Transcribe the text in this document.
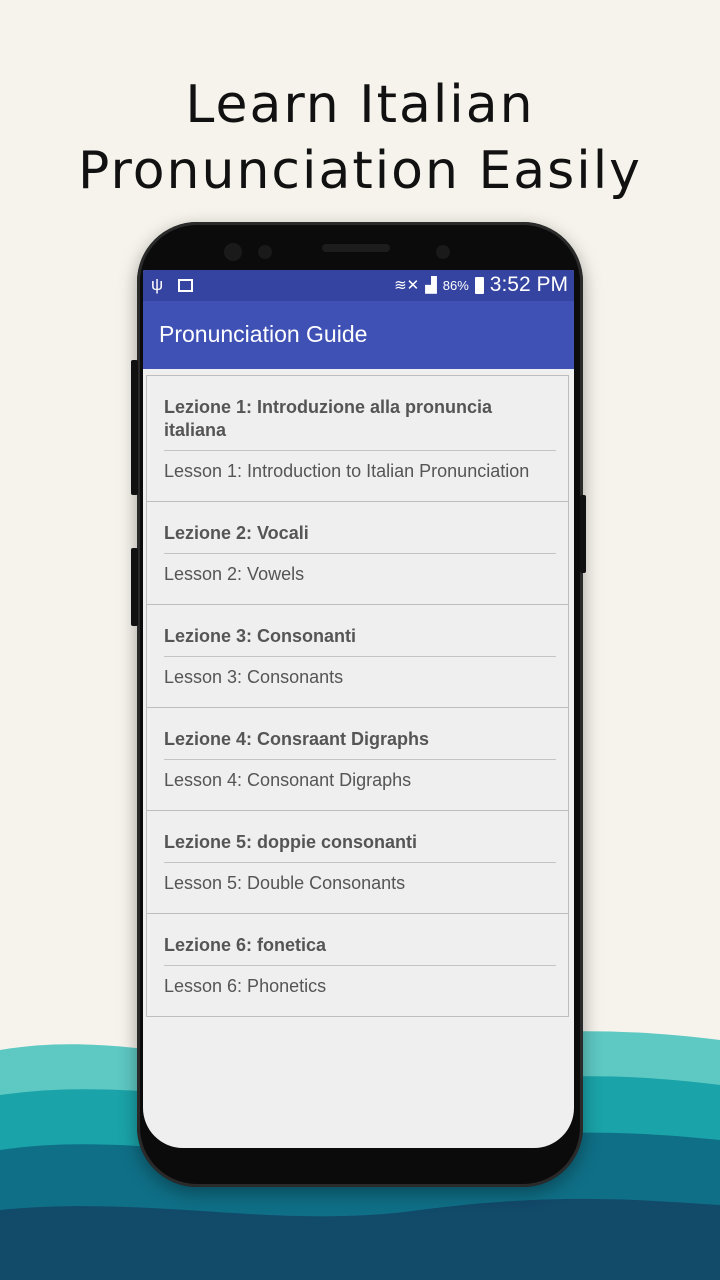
Learn Italian
Pronunciation Easily
ψ	≋✕ ▟ 86% 3:52 PM
Pronunciation Guide
Lezione 1: Introduzione alla pronuncia italiana
Lesson 1: Introduction to Italian Pronunciation
Lezione 2: Vocali
Lesson 2: Vowels
Lezione 3: Consonanti
Lesson 3: Consonants
Lezione 4: Consraant Digraphs
Lesson 4: Consonant Digraphs
Lezione 5: doppie consonanti
Lesson 5: Double Consonants
Lezione 6: fonetica
Lesson 6: Phonetics
